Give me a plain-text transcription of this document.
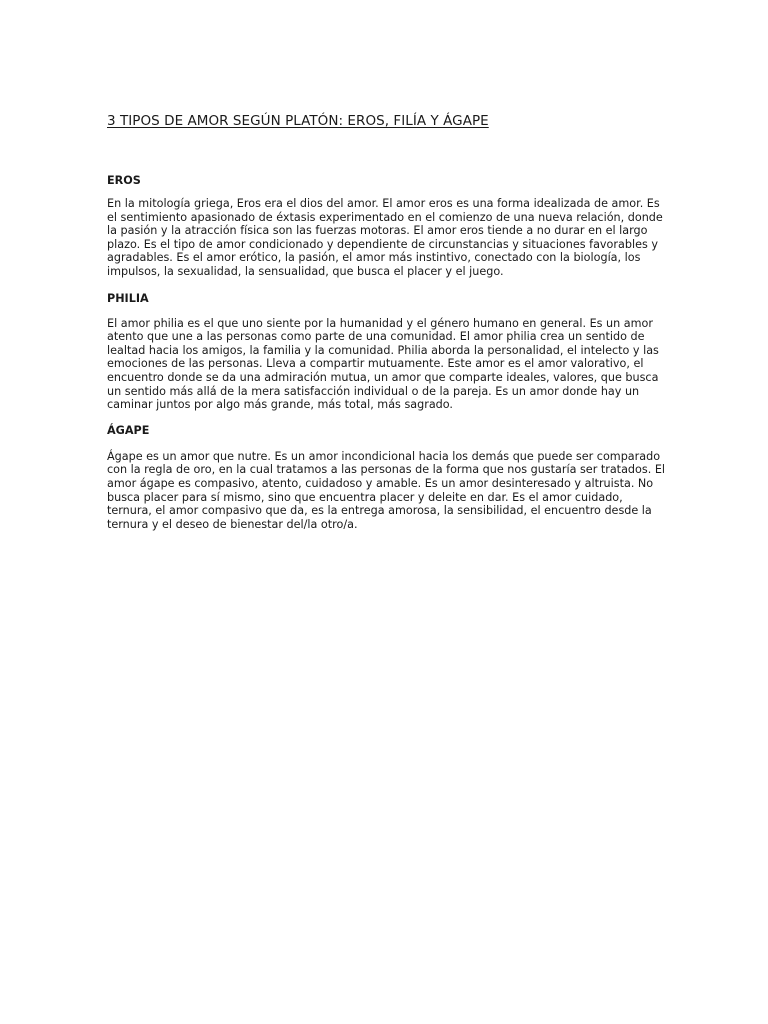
3 TIPOS DE AMOR SEGÚN PLATÓN: EROS, FILÍA Y ÁGAPE
EROS

En la mitología griega, Eros era el dios del amor. El amor eros es una forma idealizada de amor. Es el sentimiento apasionado de éxtasis experimentado en el comienzo de una nueva relación, donde la pasión y la atracción física son las fuerzas motoras. El amor eros tiende a no durar en el largo plazo. Es el tipo de amor condicionado y dependiente de circunstancias y situaciones favorables y agradables. Es el amor erótico, la pasión, el amor más instintivo, conectado con la biología, los impulsos, la sexualidad, la sensualidad, que busca el placer y el juego.

PHILIA

El amor philia es el que uno siente por la humanidad y el género humano en general. Es un amor atento que une a las personas como parte de una comunidad. El amor philia crea un sentido de lealtad hacia los amigos, la familia y la comunidad. Philia aborda la personalidad, el intelecto y las emociones de las personas. Lleva a compartir mutuamente. Este amor es el amor valorativo, el encuentro donde se da una admiración mutua, un amor que comparte ideales, valores, que busca un sentido más allá de la mera satisfacción individual o de la pareja. Es un amor donde hay un caminar juntos por algo más grande, más total, más sagrado.

ÁGAPE

Ágape es un amor que nutre. Es un amor incondicional hacia los demás que puede ser comparado con la regla de oro, en la cual tratamos a las personas de la forma que nos gustaría ser tratados. El amor ágape es compasivo, atento, cuidadoso y amable. Es un amor desinteresado y altruista. No busca placer para sí mismo, sino que encuentra placer y deleite en dar. Es el amor cuidado, ternura, el amor compasivo que da, es la entrega amorosa, la sensibilidad, el encuentro desde la ternura y el deseo de bienestar del/la otro/a.
